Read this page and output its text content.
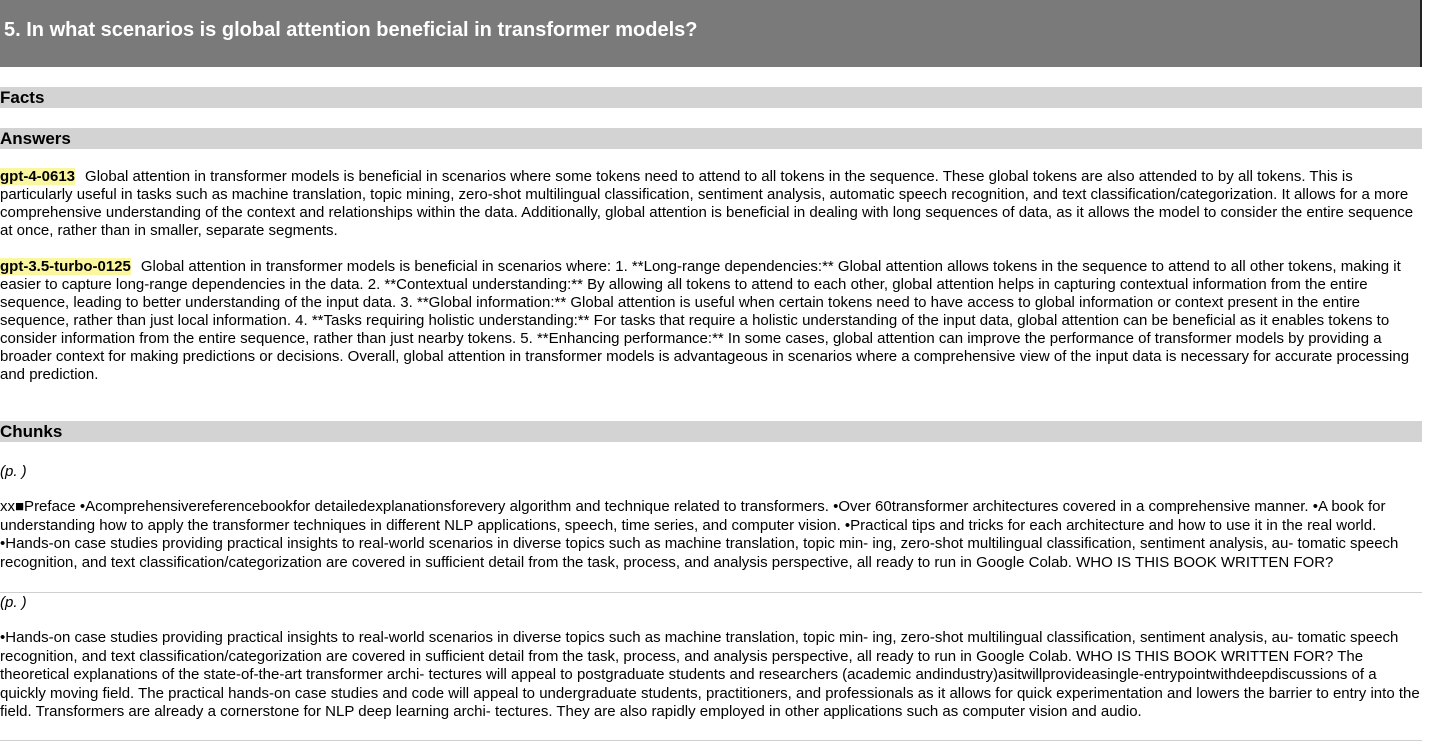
5. In what scenarios is global attention beneficial in transformer models?
Facts
Answers
gpt-4-0613 Global attention in transformer models is beneficial in scenarios where some tokens need to attend to all tokens in the sequence. These global tokens are also attended to by all tokens. This is particularly useful in tasks such as machine translation, topic mining, zero-shot multilingual classification, sentiment analysis, automatic speech recognition, and text classification/categorization. It allows for a more comprehensive understanding of the context and relationships within the data. Additionally, global attention is beneficial in dealing with long sequences of data, as it allows the model to consider the entire sequence at once, rather than in smaller, separate segments.
gpt-3.5-turbo-0125 Global attention in transformer models is beneficial in scenarios where: 1. **Long-range dependencies:** Global attention allows tokens in the sequence to attend to all other tokens, making it easier to capture long-range dependencies in the data. 2. **Contextual understanding:** By allowing all tokens to attend to each other, global attention helps in capturing contextual information from the entire sequence, leading to better understanding of the input data. 3. **Global information:** Global attention is useful when certain tokens need to have access to global information or context present in the entire sequence, rather than just local information. 4. **Tasks requiring holistic understanding:** For tasks that require a holistic understanding of the input data, global attention can be beneficial as it enables tokens to consider information from the entire sequence, rather than just nearby tokens. 5. **Enhancing performance:** In some cases, global attention can improve the performance of transformer models by providing a broader context for making predictions or decisions. Overall, global attention in transformer models is advantageous in scenarios where a comprehensive view of the input data is necessary for accurate processing and prediction.
Chunks
(p. )
xx■Preface •Acomprehensivereferencebookfor detailedexplanationsforevery algorithm and technique related to transformers. •Over 60transformer architectures covered in a comprehensive manner. •A book for understanding how to apply the transformer techniques in different NLP applications, speech, time series, and computer vision. •Practical tips and tricks for each architecture and how to use it in the real world. •Hands-on case studies providing practical insights to real-world scenarios in diverse topics such as machine translation, topic min- ing, zero-shot multilingual classification, sentiment analysis, au- tomatic speech recognition, and text classification/categorization are covered in sufficient detail from the task, process, and analysis perspective, all ready to run in Google Colab. WHO IS THIS BOOK WRITTEN FOR?
(p. )
•Hands-on case studies providing practical insights to real-world scenarios in diverse topics such as machine translation, topic min- ing, zero-shot multilingual classification, sentiment analysis, au- tomatic speech recognition, and text classification/categorization are covered in sufficient detail from the task, process, and analysis perspective, all ready to run in Google Colab. WHO IS THIS BOOK WRITTEN FOR? The theoretical explanations of the state-of-the-art transformer archi- tectures will appeal to postgraduate students and researchers (academic andindustry)asitwillprovideasingle-entrypointwithdeepdiscussions of a quickly moving field. The practical hands-on case studies and code will appeal to undergraduate students, practitioners, and professionals as it allows for quick experimentation and lowers the barrier to entry into the field. Transformers are already a cornerstone for NLP deep learning archi- tectures. They are also rapidly employed in other applications such as computer vision and audio.
